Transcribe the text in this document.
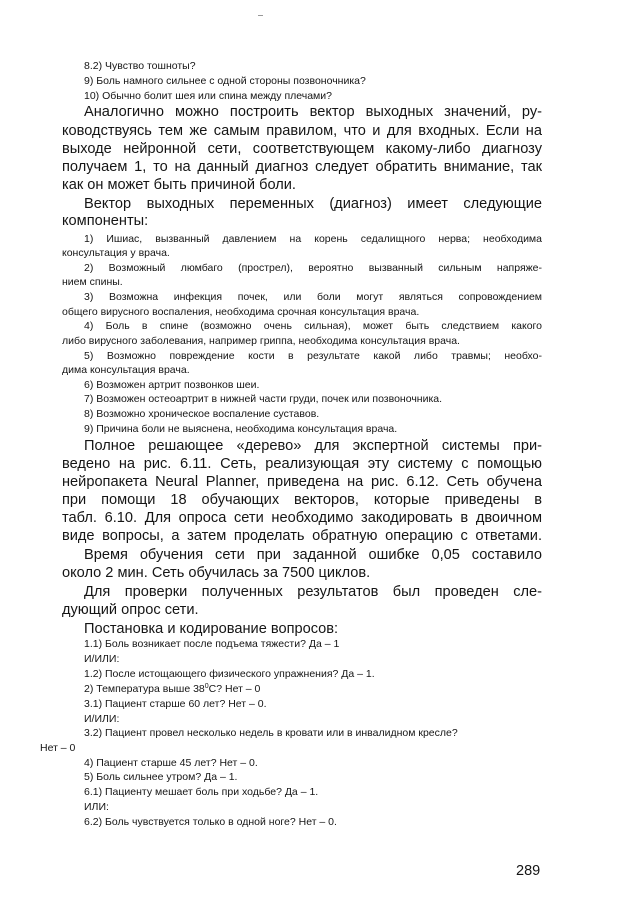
8.2) Чувство тошноты?
9) Боль намного сильнее с одной стороны позвоночника?
10) Обычно болит шея или спина между плечами?
Аналогично можно построить вектор выходных значений, ру-
ководствуясь тем же самым правилом, что и для входных. Если на
выходе нейронной сети, соответствующем какому-либо диагнозу
получаем 1, то на данный диагноз следует обратить внимание, так
как он может быть причиной боли.
Вектор выходных переменных (диагноз) имеет следующие
компоненты:
1) Ишиас, вызванный давлением на корень седалищного нерва; необходима
консультация у врача.
2) Возможный люмбаго (прострел), вероятно вызванный сильным напряже-
нием спины.
3) Возможна инфекция почек, или боли могут являться сопровождением
общего вирусного воспаления, необходима срочная консультация врача.
4) Боль в спине (возможно очень сильная), может быть следствием какого
либо вирусного заболевания, например гриппа, необходима консультация врача.
5) Возможно повреждение кости в результате какой либо травмы; необхо-
дима консультация врача.
6) Возможен артрит позвонков шеи.
7) Возможен остеоартрит в нижней части груди, почек или позвоночника.
8) Возможно хроническое воспаление суставов.
9) Причина боли не выяснена, необходима консультация врача.
Полное решающее «дерево» для экспертной системы при-
ведено на рис. 6.11. Сеть, реализующая эту систему с помощью
нейропакета Neural Planner, приведена на рис. 6.12. Сеть обучена
при помощи 18 обучающих векторов, которые приведены в
табл. 6.10. Для опроса сети необходимо закодировать в двоичном
виде вопросы, а затем проделать обратную операцию с ответами.
Время обучения сети при заданной ошибке 0,05 составило
около 2 мин. Сеть обучилась за 7500 циклов.
Для проверки полученных результатов был проведен сле-
дующий опрос сети.
Постановка и кодирование вопросов:
1.1) Боль возникает после подъема тяжести? Да – 1
И/ИЛИ:
1.2) После истощающего физического упражнения? Да – 1.
2) Температура выше $38^0С$? Нет – 0
3.1) Пациент старше 60 лет? Нет – 0.
И/ИЛИ:
3.2) Пациент провел несколько недель в кровати или в инвалидном кресле?
Нет – 0
4) Пациент старше 45 лет? Нет – 0.
5) Боль сильнее утром? Да – 1.
6.1) Пациенту мешает боль при ходьбе? Да – 1.
ИЛИ:
6.2) Боль чувствуется только в одной ноге? Нет – 0.
289
